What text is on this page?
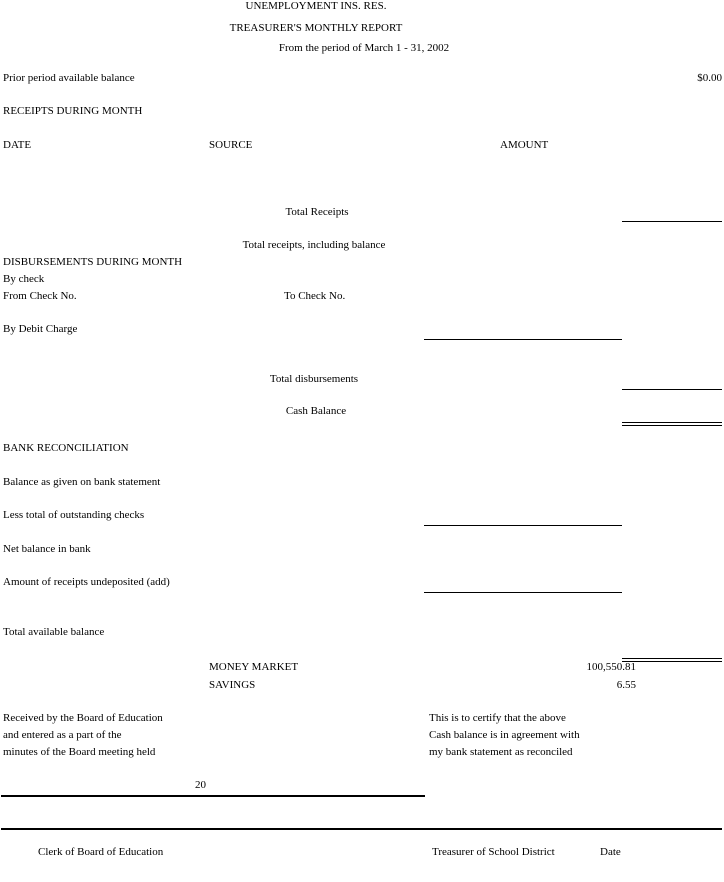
UNEMPLOYMENT INS. RES.
TREASURER'S MONTHLY REPORT
From the period of March 1 - 31, 2002
Prior period available balance	$0.00
RECEIPTS DURING MONTH
DATE	SOURCE	AMOUNT
Total Receipts
Total receipts, including balance
DISBURSEMENTS DURING MONTH
By check
From Check No.	To Check No.
By Debit Charge
Total disbursements
Cash Balance
BANK RECONCILIATION
Balance as given on bank statement
Less total of outstanding checks
Net balance in bank
Amount of receipts undeposited (add)
Total available balance
MONEY MARKET	100,550.81
SAVINGS	6.55
Received by the Board of Education
and entered as a part of the
minutes of the Board meeting held
This is to certify that the above
Cash balance is in agreement with
my bank statement as reconciled
20
Clerk of Board of Education	Treasurer of School District	Date
